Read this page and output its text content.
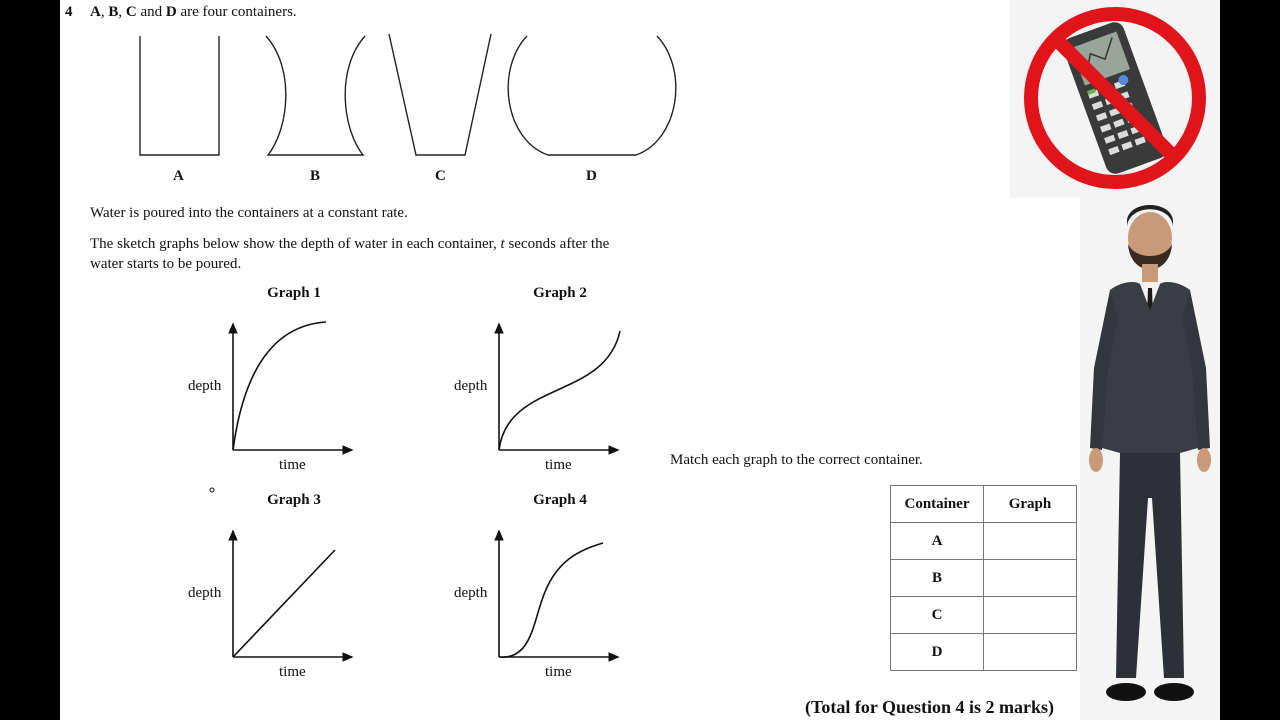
4 A, B, C and D are four containers.
A	B	C	D
Water is poured into the containers at a constant rate.
The sketch graphs below show the depth of water in each container, t seconds after the
water starts to be poured.
Graph 1	Graph 2
Graph 3	Graph 4
depth
time
depth
time
depth
time
depth
time
Match each graph to the correct container.
Container	Graph
A	
B	
C	
D	
(Total for Question 4 is 2 marks)
